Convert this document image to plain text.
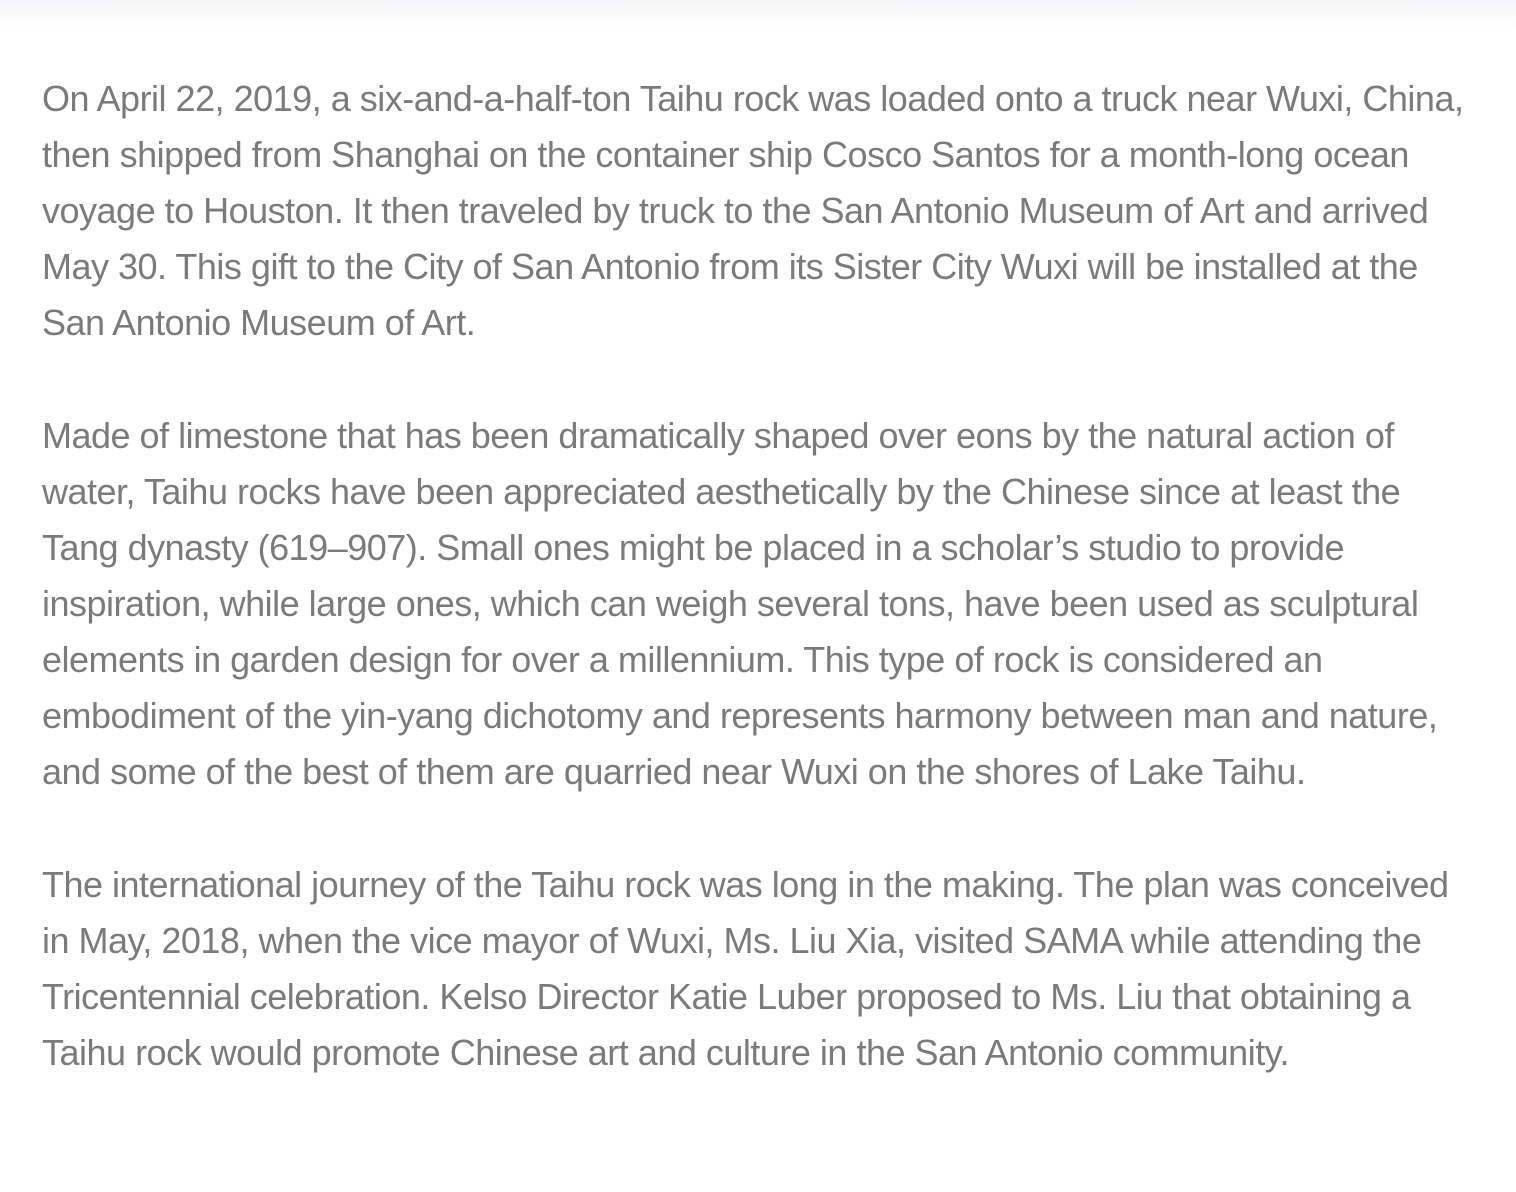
On April 22, 2019, a six-and-a-half-ton Taihu rock was loaded onto a truck near Wuxi, China, then shipped from Shanghai on the container ship Cosco Santos for a month-long ocean voyage to Houston. It then traveled by truck to the San Antonio Museum of Art and arrived May 30. This gift to the City of San Antonio from its Sister City Wuxi will be installed at the San Antonio Museum of Art.

Made of limestone that has been dramatically shaped over eons by the natural action of water, Taihu rocks have been appreciated aesthetically by the Chinese since at least the Tang dynasty (619–907). Small ones might be placed in a scholar’s studio to provide inspiration, while large ones, which can weigh several tons, have been used as sculptural elements in garden design for over a millennium. This type of rock is considered an embodiment of the yin-yang dichotomy and represents harmony between man and nature, and some of the best of them are quarried near Wuxi on the shores of Lake Taihu.

The international journey of the Taihu rock was long in the making. The plan was conceived in May, 2018, when the vice mayor of Wuxi, Ms. Liu Xia, visited SAMA while attending the Tricentennial celebration. Kelso Director Katie Luber proposed to Ms. Liu that obtaining a Taihu rock would promote Chinese art and culture in the San Antonio community.
